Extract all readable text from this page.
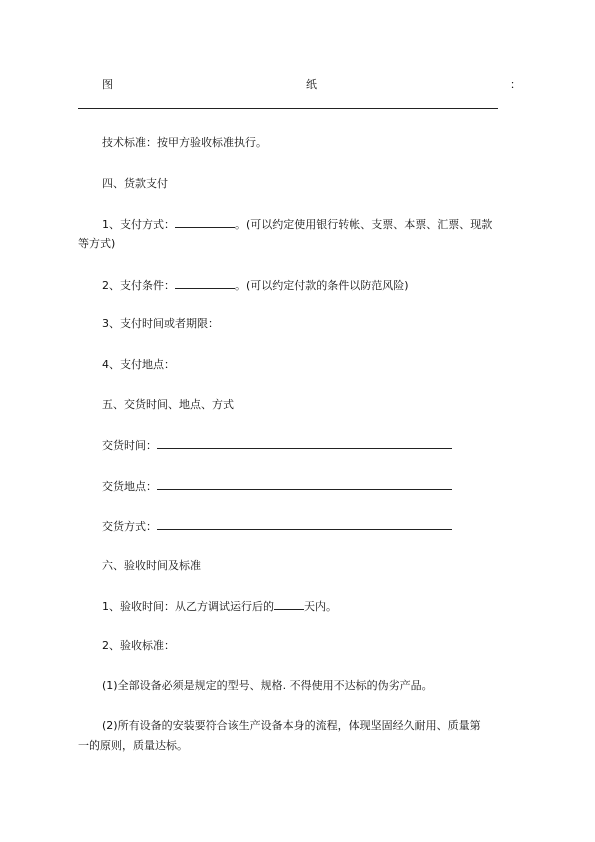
图	纸	：
技术标准：按甲方验收标准执行。
四、货款支付
1、支付方式：	。(可以约定使用银行转帐、支票、本票、汇票、现款
等方式)
2、支付条件：	。(可以约定付款的条件以防范风险)
3、支付时间或者期限：
4、支付地点：
五、交货时间、地点、方式
交货时间：
交货地点：
交货方式：
六、验收时间及标准
1、验收时间：从乙方调试运行后的	天内。
2、验收标准：
(1)全部设备必须是规定的型号、规格. 不得使用不达标的伪劣产品。
(2)所有设备的安装要符合该生产设备本身的流程，体现坚固经久耐用、质量第
一的原则，质量达标。
